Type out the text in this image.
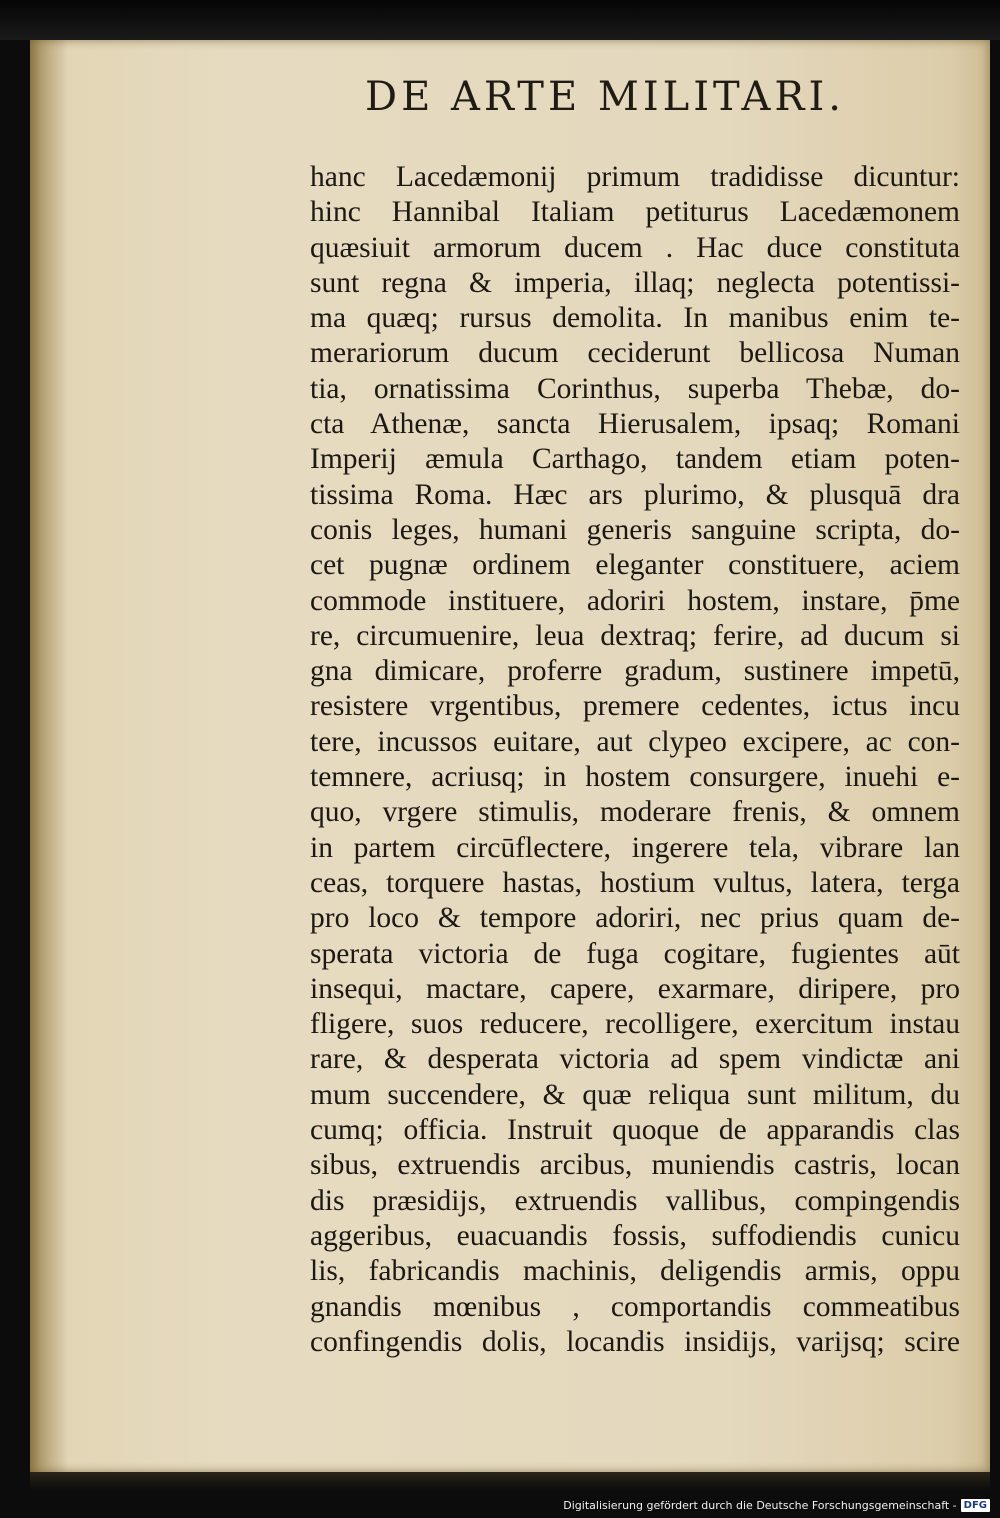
DE ARTE MILITARI.
hanc Lacedæmonij primum tradidisse dicuntur:
hinc Hannibal Italiam petiturus Lacedæmonem
quæsiuit armorum ducem . Hac duce constituta
sunt regna & imperia, illaq; neglecta potentissi-
ma quæq; rursus demolita. In manibus enim te-
merariorum ducum ceciderunt bellicosa Numan
tia, ornatissima Corinthus, superba Thebæ, do-
cta Athenæ, sancta Hierusalem, ipsaq; Romani
Imperij æmula Carthago, tandem etiam poten-
tissima Roma. Hæc ars plurimo, & plusquā dra
conis leges, humani generis sanguine scripta, do-
cet pugnæ ordinem eleganter constituere, aciem
commode instituere, adoriri hostem, instare, p̄me
re, circumuenire, leua dextraq; ferire, ad ducum si
gna dimicare, proferre gradum, sustinere impetū,
resistere vrgentibus, premere cedentes, ictus incu
tere, incussos euitare, aut clypeo excipere, ac con-
temnere, acriusq; in hostem consurgere, inuehi e-
quo, vrgere stimulis, moderare frenis, & omnem
in partem circūflectere, ingerere tela, vibrare lan
ceas, torquere hastas, hostium vultus, latera, terga
pro loco & tempore adoriri, nec prius quam de-
sperata victoria de fuga cogitare, fugientes aūt
insequi, mactare, capere, exarmare, diripere, pro
fligere, suos reducere, recolligere, exercitum instau
rare, & desperata victoria ad spem vindictæ ani
mum succendere, & quæ reliqua sunt militum, du
cumq; officia. Instruit quoque de apparandis clas
sibus, extruendis arcibus, muniendis castris, locan
dis præsidijs, extruendis vallibus, compingendis
aggeribus, euacuandis fossis, suffodiendis cunicu
lis, fabricandis machinis, deligendis armis, oppu
gnandis mœnibus , comportandis commeatibus
confingendis dolis, locandis insidijs, varijsq; scire
Digitalisierung gefördert durch die Deutsche Forschungsgemeinschaft - DFG
